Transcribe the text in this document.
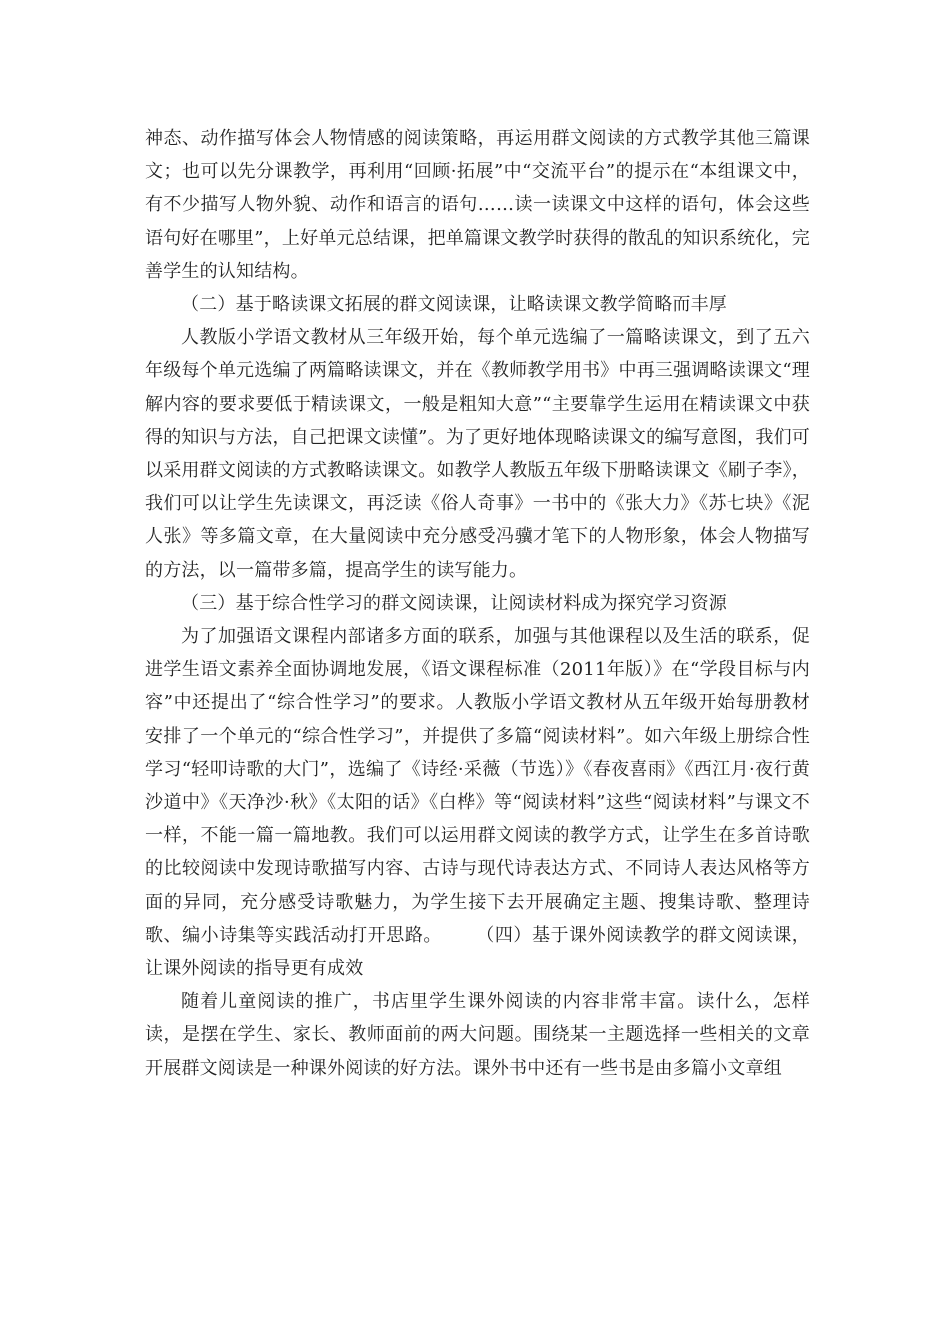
神态、动作描写体会人物情感的阅读策略，再运用群文阅读的方式教学其他三篇课文；也可以先分课教学，再利用“回顾·拓展”中“交流平台”的提示在“本组课文中，有不少描写人物外貌、动作和语言的语句……读一读课文中这样的语句，体会这些语句好在哪里”，上好单元总结课，把单篇课文教学时获得的散乱的知识系统化，完善学生的认知结构。

（二）基于略读课文拓展的群文阅读课，让略读课文教学简略而丰厚

人教版小学语文教材从三年级开始，每个单元选编了一篇略读课文，到了五六年级每个单元选编了两篇略读课文，并在《教师教学用书》中再三强调略读课文“理解内容的要求要低于精读课文，一般是粗知大意”“主要靠学生运用在精读课文中获得的知识与方法，自己把课文读懂”。为了更好地体现略读课文的编写意图，我们可以采用群文阅读的方式教略读课文。如教学人教版五年级下册略读课文《刷子李》，我们可以让学生先读课文，再泛读《俗人奇事》一书中的《张大力》《苏七块》《泥人张》等多篇文章，在大量阅读中充分感受冯骥才笔下的人物形象，体会人物描写的方法，以一篇带多篇，提高学生的读写能力。

（三）基于综合性学习的群文阅读课，让阅读材料成为探究学习资源

为了加强语文课程内部诸多方面的联系，加强与其他课程以及生活的联系，促进学生语文素养全面协调地发展，《语文课程标准（2011年版）》在“学段目标与内容”中还提出了“综合性学习”的要求。人教版小学语文教材从五年级开始每册教材安排了一个单元的“综合性学习”，并提供了多篇“阅读材料”。如六年级上册综合性学习“轻叩诗歌的大门”，选编了《诗经·采薇（节选）》《春夜喜雨》《西江月·夜行黄沙道中》《天净沙·秋》《太阳的话》《白桦》等“阅读材料”这些“阅读材料”与课文不一样，不能一篇一篇地教。我们可以运用群文阅读的教学方式，让学生在多首诗歌的比较阅读中发现诗歌描写内容、古诗与现代诗表达方式、不同诗人表达风格等方面的异同，充分感受诗歌魅力，为学生接下去开展确定主题、搜集诗歌、整理诗歌、编小诗集等实践活动打开思路。 （四）基于课外阅读教学的群文阅读课，让课外阅读的指导更有成效

随着儿童阅读的推广，书店里学生课外阅读的内容非常丰富。读什么，怎样读，是摆在学生、家长、教师面前的两大问题。围绕某一主题选择一些相关的文章开展群文阅读是一种课外阅读的好方法。课外书中还有一些书是由多篇小文章组
